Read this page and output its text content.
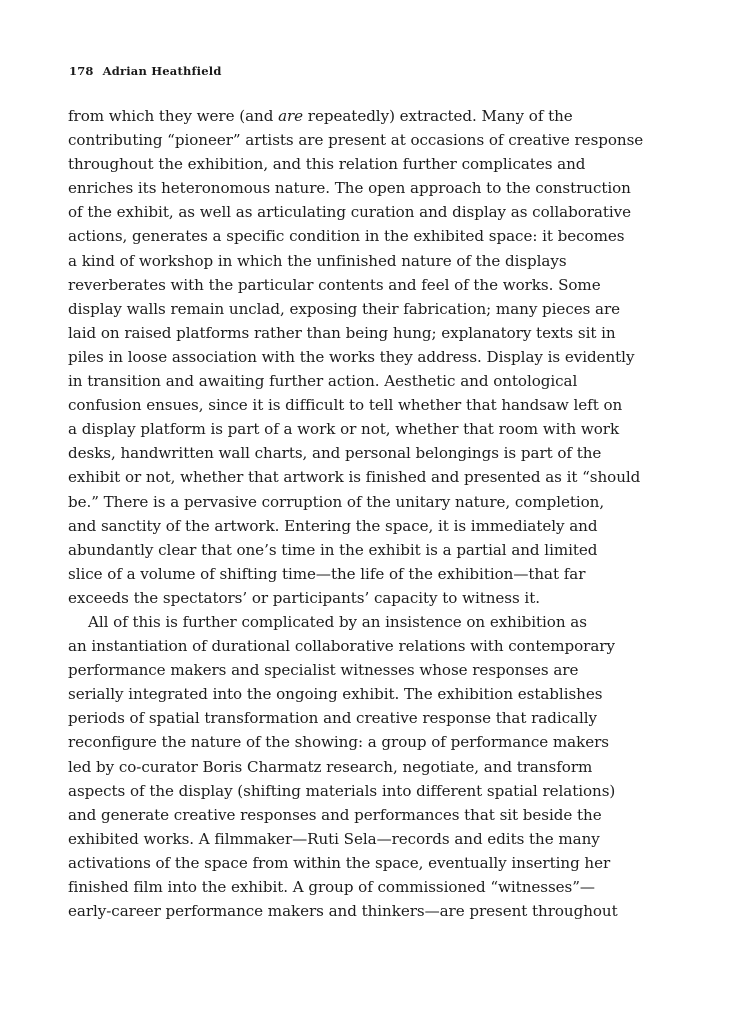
178 Adrian Heathfield
from which they were (and are repeatedly) extracted. Many of the
contributing “pioneer” artists are present at occasions of creative response
throughout the exhibition, and this relation further complicates and
enriches its heteronomous nature. The open approach to the construction
of the exhibit, as well as articulating curation and display as collaborative
actions, generates a specific condition in the exhibited space: it becomes
a kind of workshop in which the unfinished nature of the displays
reverberates with the particular contents and feel of the works. Some
display walls remain unclad, exposing their fabrication; many pieces are
laid on raised platforms rather than being hung; explanatory texts sit in
piles in loose association with the works they address. Display is evidently
in transition and awaiting further action. Aesthetic and ontological
confusion ensues, since it is difficult to tell whether that handsaw left on
a display platform is part of a work or not, whether that room with work
desks, handwritten wall charts, and personal belongings is part of the
exhibit or not, whether that artwork is finished and presented as it “should
be.” There is a pervasive corruption of the unitary nature, completion,
and sanctity of the artwork. Entering the space, it is immediately and
abundantly clear that one’s time in the exhibit is a partial and limited
slice of a volume of shifting time—the life of the exhibition—that far
exceeds the spectators’ or participants’ capacity to witness it.
All of this is further complicated by an insistence on exhibition as
an instantiation of durational collaborative relations with contemporary
performance makers and specialist witnesses whose responses are
serially integrated into the ongoing exhibit. The exhibition establishes
periods of spatial transformation and creative response that radically
reconfigure the nature of the showing: a group of performance makers
led by co-curator Boris Charmatz research, negotiate, and transform
aspects of the display (shifting materials into different spatial relations)
and generate creative responses and performances that sit beside the
exhibited works. A filmmaker—Ruti Sela—records and edits the many
activations of the space from within the space, eventually inserting her
finished film into the exhibit. A group of commissioned “witnesses”—
early-career performance makers and thinkers—are present throughout
